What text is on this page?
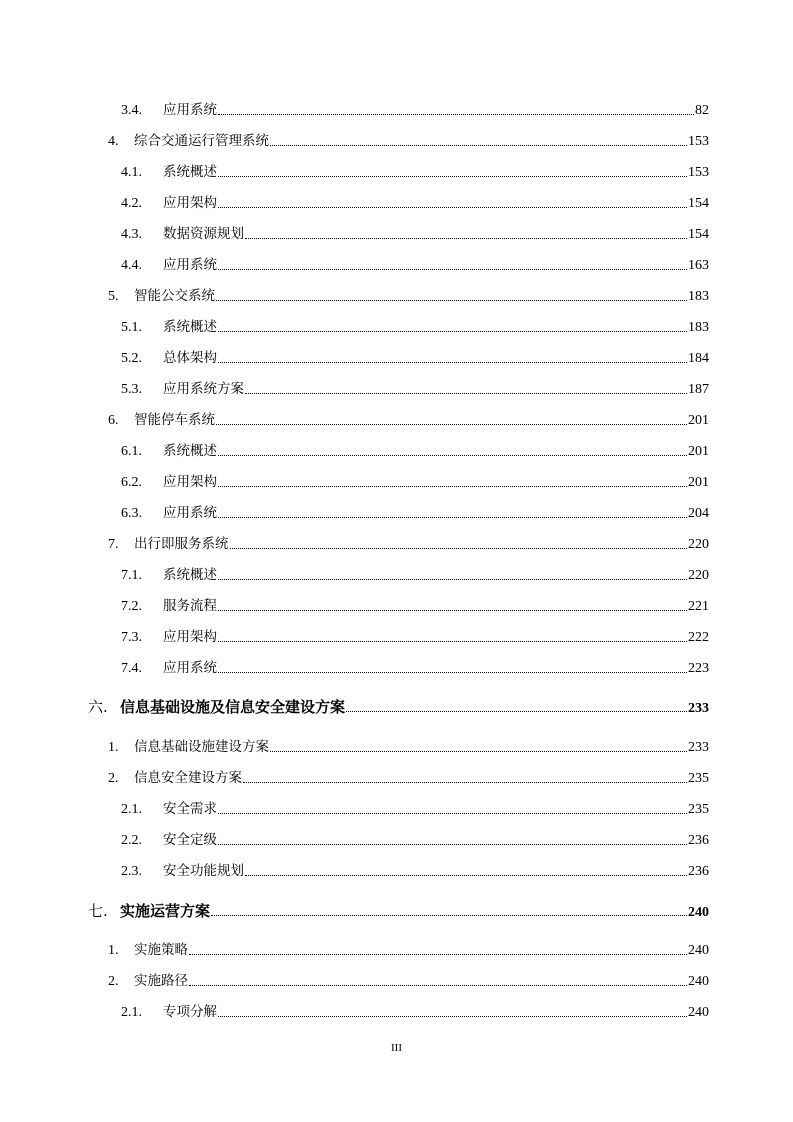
3.4.	应用系统	82
4.	综合交通运行管理系统	153
4.1.	系统概述	153
4.2.	应用架构	154
4.3.	数据资源规划	154
4.4.	应用系统	163
5.	智能公交系统	183
5.1.	系统概述	183
5.2.	总体架构	184
5.3.	应用系统方案	187
6.	智能停车系统	201
6.1.	系统概述	201
6.2.	应用架构	201
6.3.	应用系统	204
7.	出行即服务系统	220
7.1.	系统概述	220
7.2.	服务流程	221
7.3.	应用架构	222
7.4.	应用系统	223
六. 信息基础设施及信息安全建设方案	233
1.	信息基础设施建设方案	233
2.	信息安全建设方案	235
2.1.	安全需求	235
2.2.	安全定级	236
2.3.	安全功能规划	236
七. 实施运营方案	240
1.	实施策略	240
2.	实施路径	240
2.1.	专项分解	240
III
